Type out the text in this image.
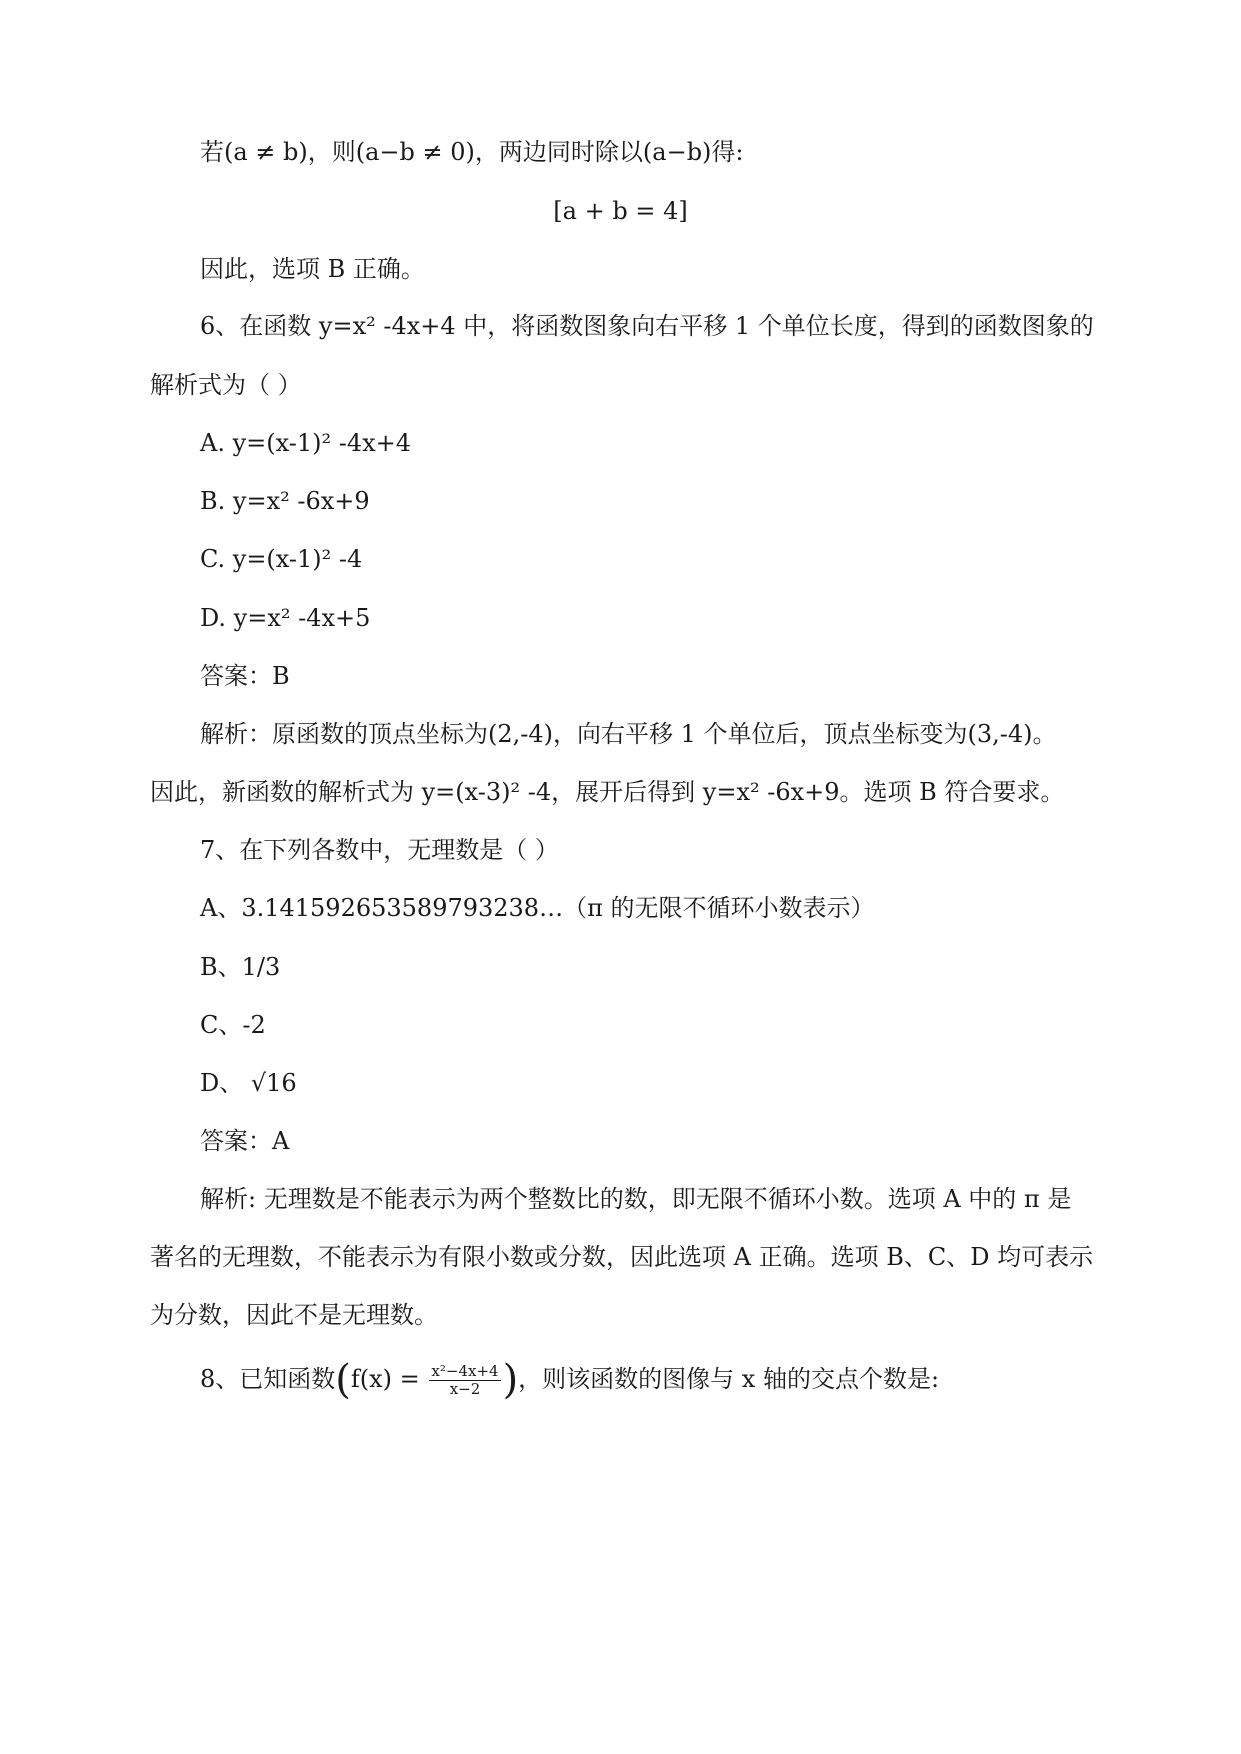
若(a ≠ b)，则(a−b ≠ 0)，两边同时除以(a−b)得:
[a + b = 4]
因此，选项 B 正确。
6、在函数 y=x² -4x+4 中，将函数图象向右平移 1 个单位长度，得到的函数图象的
解析式为（ ）
A. y=(x-1)² -4x+4
B. y=x² -6x+9
C. y=(x-1)² -4
D. y=x² -4x+5
答案：B
解析：原函数的顶点坐标为(2,-4)，向右平移 1 个单位后，顶点坐标变为(3,-4)。
因此，新函数的解析式为 y=(x-3)² -4，展开后得到 y=x² -6x+9。选项 B 符合要求。
7、在下列各数中，无理数是（ ）
A、3.141592653589793238…（π 的无限不循环小数表示）
B、1/3
C、-2
D、 √16
答案：A
解析: 无理数是不能表示为两个整数比的数，即无限不循环小数。选项 A 中的 π 是
著名的无理数，不能表示为有限小数或分数，因此选项 A 正确。选项 B、C、D 均可表示
为分数，因此不是无理数。
8、已知函数($f(x) = \frac{\text{x²−4x+4}}{x-2}$ )，则该函数的图像与 x 轴的交点个数是:
